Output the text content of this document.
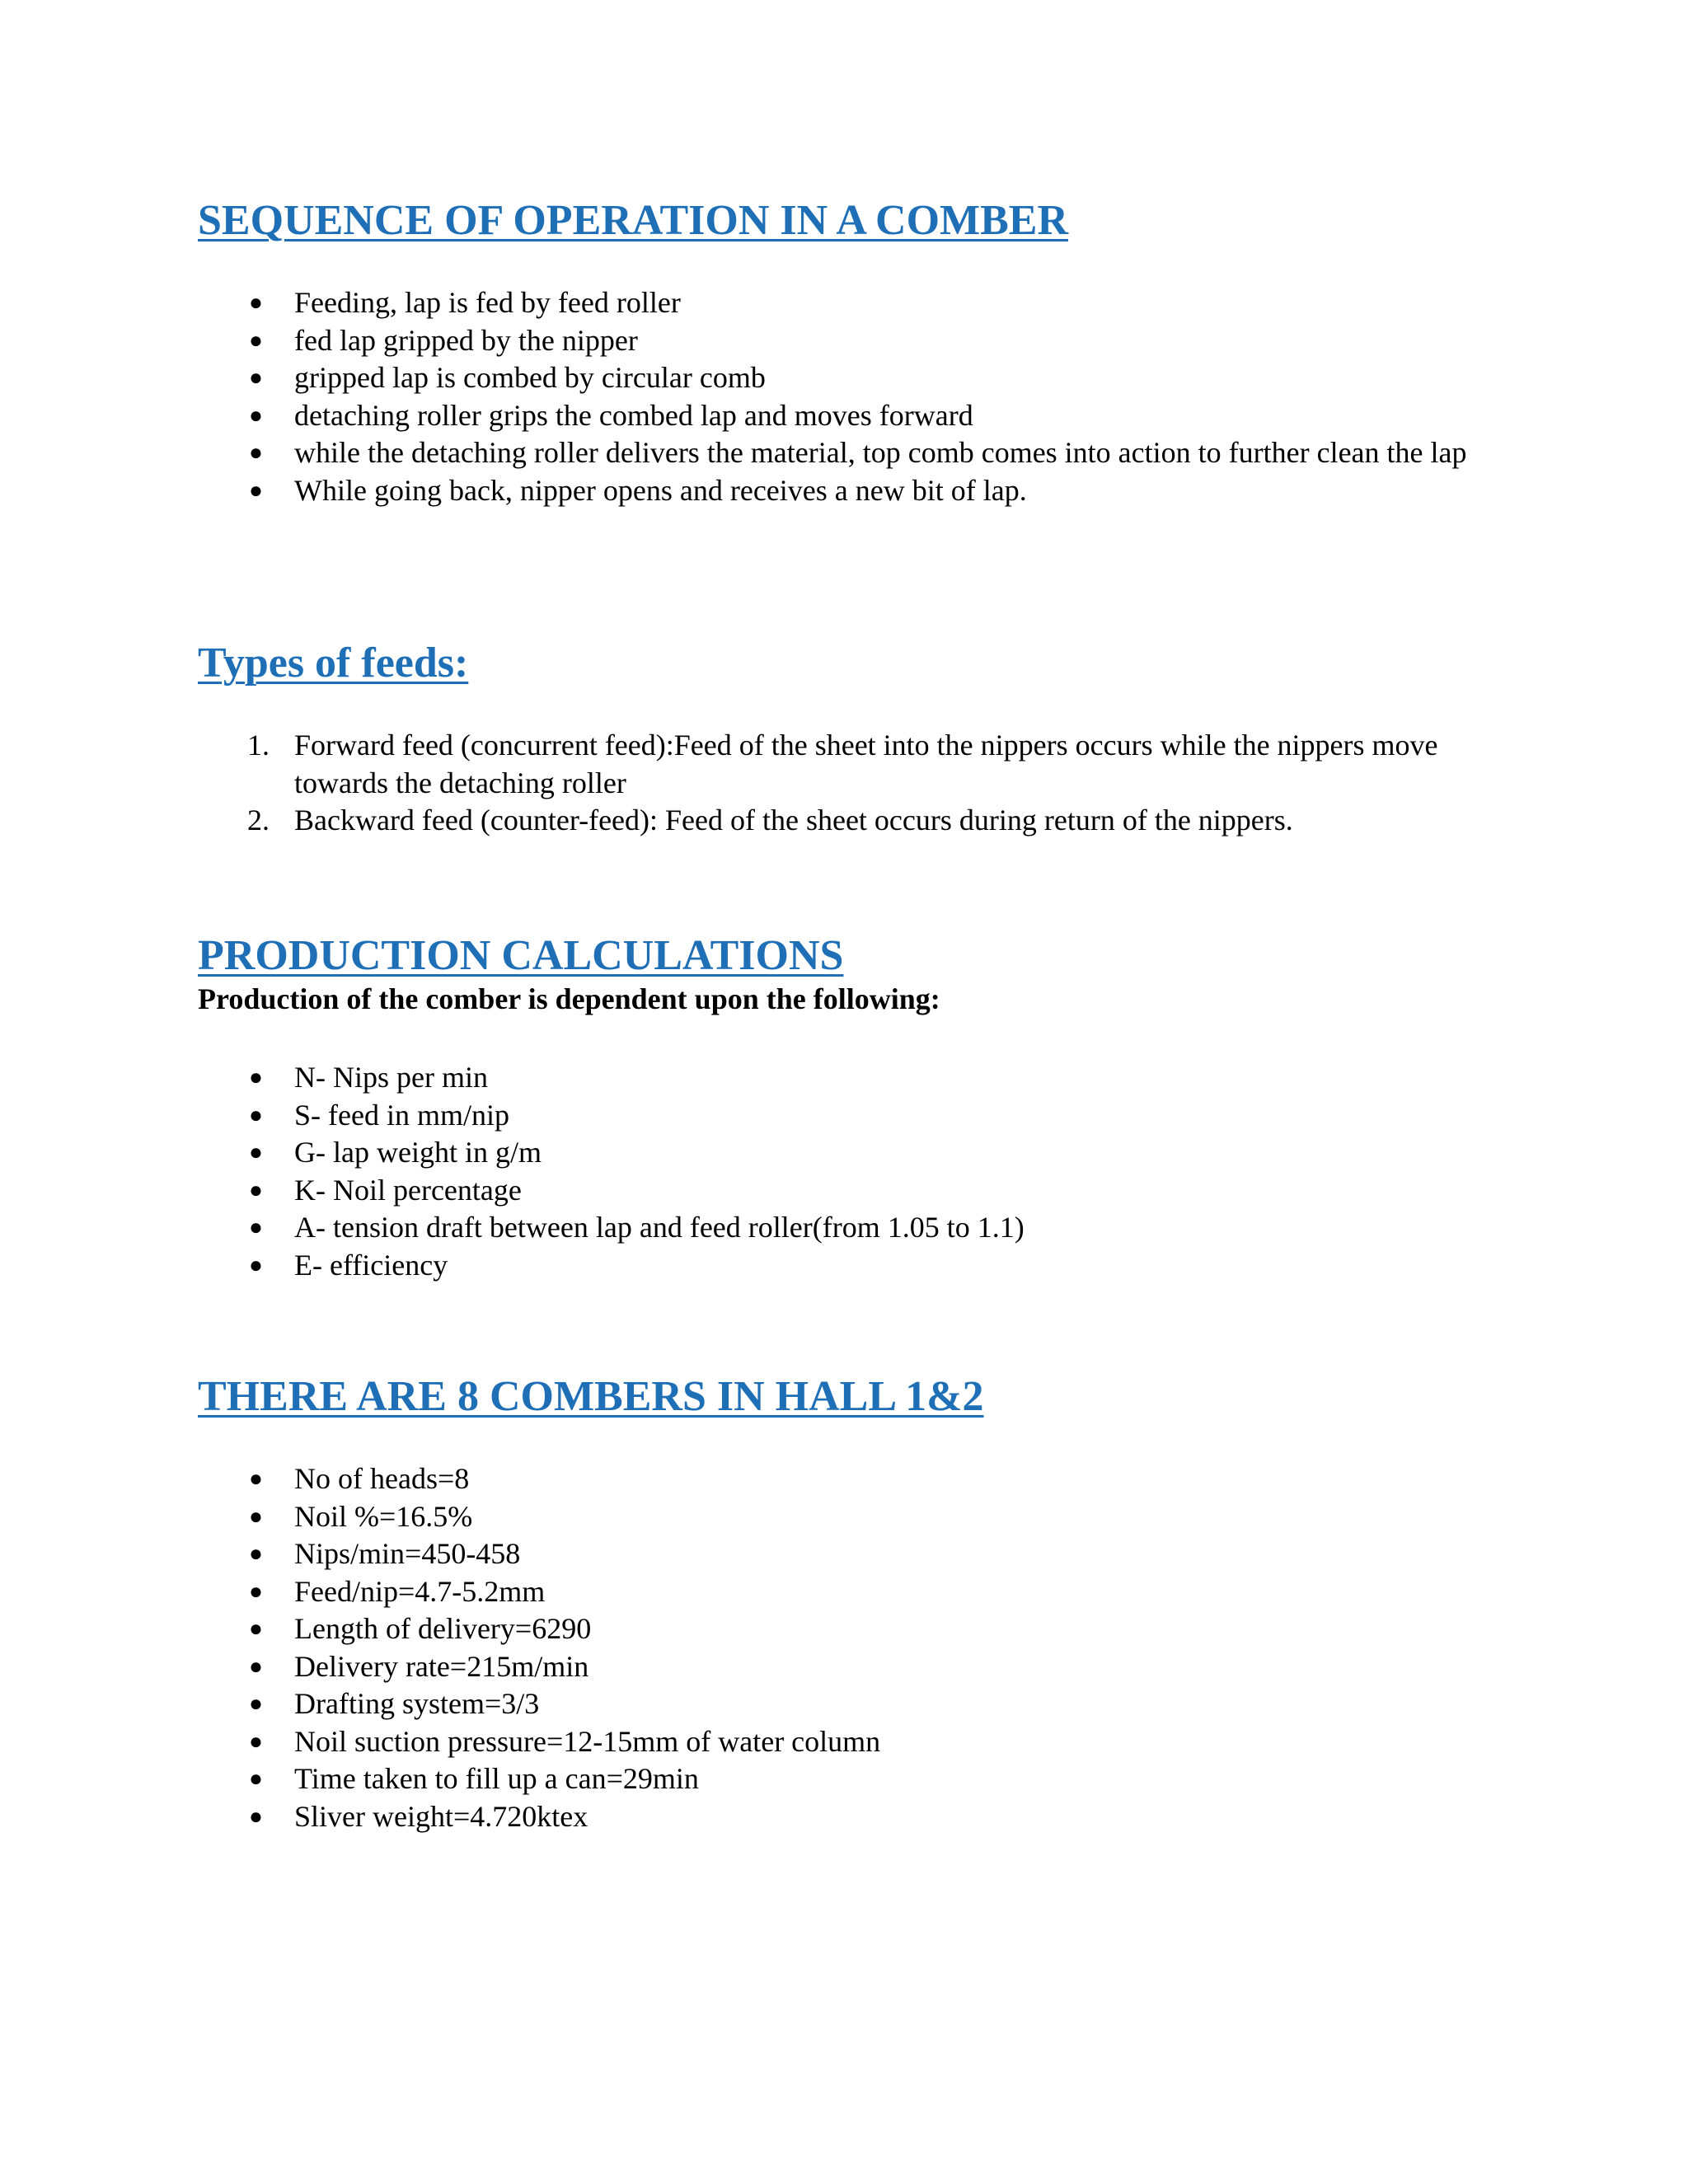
SEQUENCE OF OPERATION IN A COMBER
● Feeding, lap is fed by feed roller
● fed lap gripped by the nipper
● gripped lap is combed by circular comb
● detaching roller grips the combed lap and moves forward
● while the detaching roller delivers the material, top comb comes into action to further clean the lap
● While going back, nipper opens and receives a new bit of lap.
Types of feeds:
1. Forward feed (concurrent feed):Feed of the sheet into the nippers occurs while the nippers move towards the detaching roller
2. Backward feed (counter-feed): Feed of the sheet occurs during return of the nippers.
PRODUCTION CALCULATIONS

Production of the comber is dependent upon the following:

● N- Nips per min
● S- feed in mm/nip
● G- lap weight in g/m
● K- Noil percentage
● A- tension draft between lap and feed roller(from 1.05 to 1.1)
● E- efficiency
THERE ARE 8 COMBERS IN HALL 1&2
● No of heads=8
● Noil %=16.5%
● Nips/min=450-458
● Feed/nip=4.7-5.2mm
● Length of delivery=6290
● Delivery rate=215m/min
● Drafting system=3/3
● Noil suction pressure=12-15mm of water column
● Time taken to fill up a can=29min
● Sliver weight=4.720ktex
